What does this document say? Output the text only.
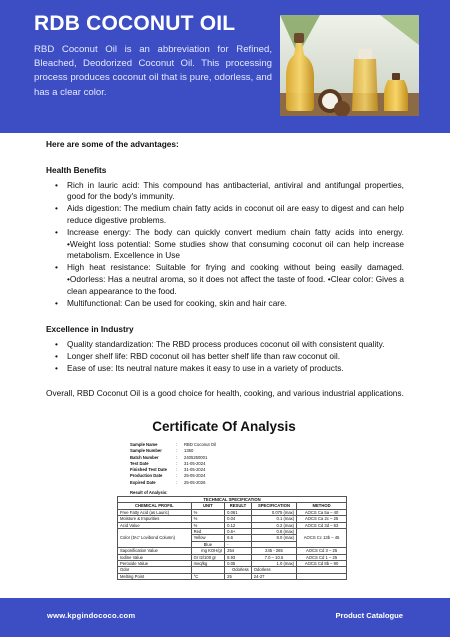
RDB COCONUT OIL
RBD Coconut Oil is an abbreviation for Refined, Bleached, Deodorized Coconut Oil. This processing process produces coconut oil that is pure, odorless, and has a clear color.
Here are some of the advantages:
Health Benefits
• Rich in lauric acid: This compound has antibacterial, antiviral and antifungal properties, good for the body's immunity.
• Aids digestion: The medium chain fatty acids in coconut oil are easy to digest and can help reduce digestive problems.
• Increase energy: The body can quickly convert medium chain fatty acids into energy. •Weight loss potential: Some studies show that consuming coconut oil can help increase metabolism. Excellence in Use
• High heat resistance: Suitable for frying and cooking without being easily damaged. •Odorless: Has a neutral aroma, so it does not affect the taste of food. •Clear color: Gives a clean appearance to the food.
• Multifunctional: Can be used for cooking, skin and hair care.
Excellence in Industry
• Quality standardization: The RBD process produces coconut oil with consistent quality.
• Longer shelf life: RBD coconut oil has better shelf life than raw coconut oil.
• Ease of use: Its neutral nature makes it easy to use in a variety of products.
Overall, RBD Coconut Oil is a good choice for health, cooking, and various industrial applications.
Certificate Of Analysis
Sample Name	:	RBD Coconut Oil
Sample Number	:	1350
Batch Number	:	2405250001
Test Date	:	31-05-2024
Finished Test Date	:	31-05-2024
Production Date	:	25-05-2024
Expired Date	:	25-05-2026
Result of Analysis:
TECHNICAL SPECIFICATION				
CHEMICAL PROFIL	UNIT	RESULT	SPECIFICATION	METHOD
Free Fatty Acid (as Lauric)	%	0.061	0.075 (max)	AOCS Ca 5a – 40
Moisture & Impurities	%	0.04	0.1 (max)	AOCS Ca 2c – 25
Acid Value	%	0.12	0.2 (max)	AOCS Cd 3d – 63
Color (5¼" Lovibond Column)	Red	0.6+	0.8 (max)	AOCS Cc 13b – 45
	Yellow	6.6	8.0 (max)	
	Blue	-		
Saponification Value	mg KOH/gr	254	245 - 265	AOCS Cd 3 – 25
Iodine Value	Gr I2/100 gr	8.93	7.0 – 10.5	AOCS Cd 1 – 25
Peroxide Value	meq/kg	0.05	1.0 (max)	AOCS Cd 8b – 90
Odor		Odorless	Odorless	
Melting Point	°C	25	24-27	
www.kpgindococo.com	Product Catalogue
